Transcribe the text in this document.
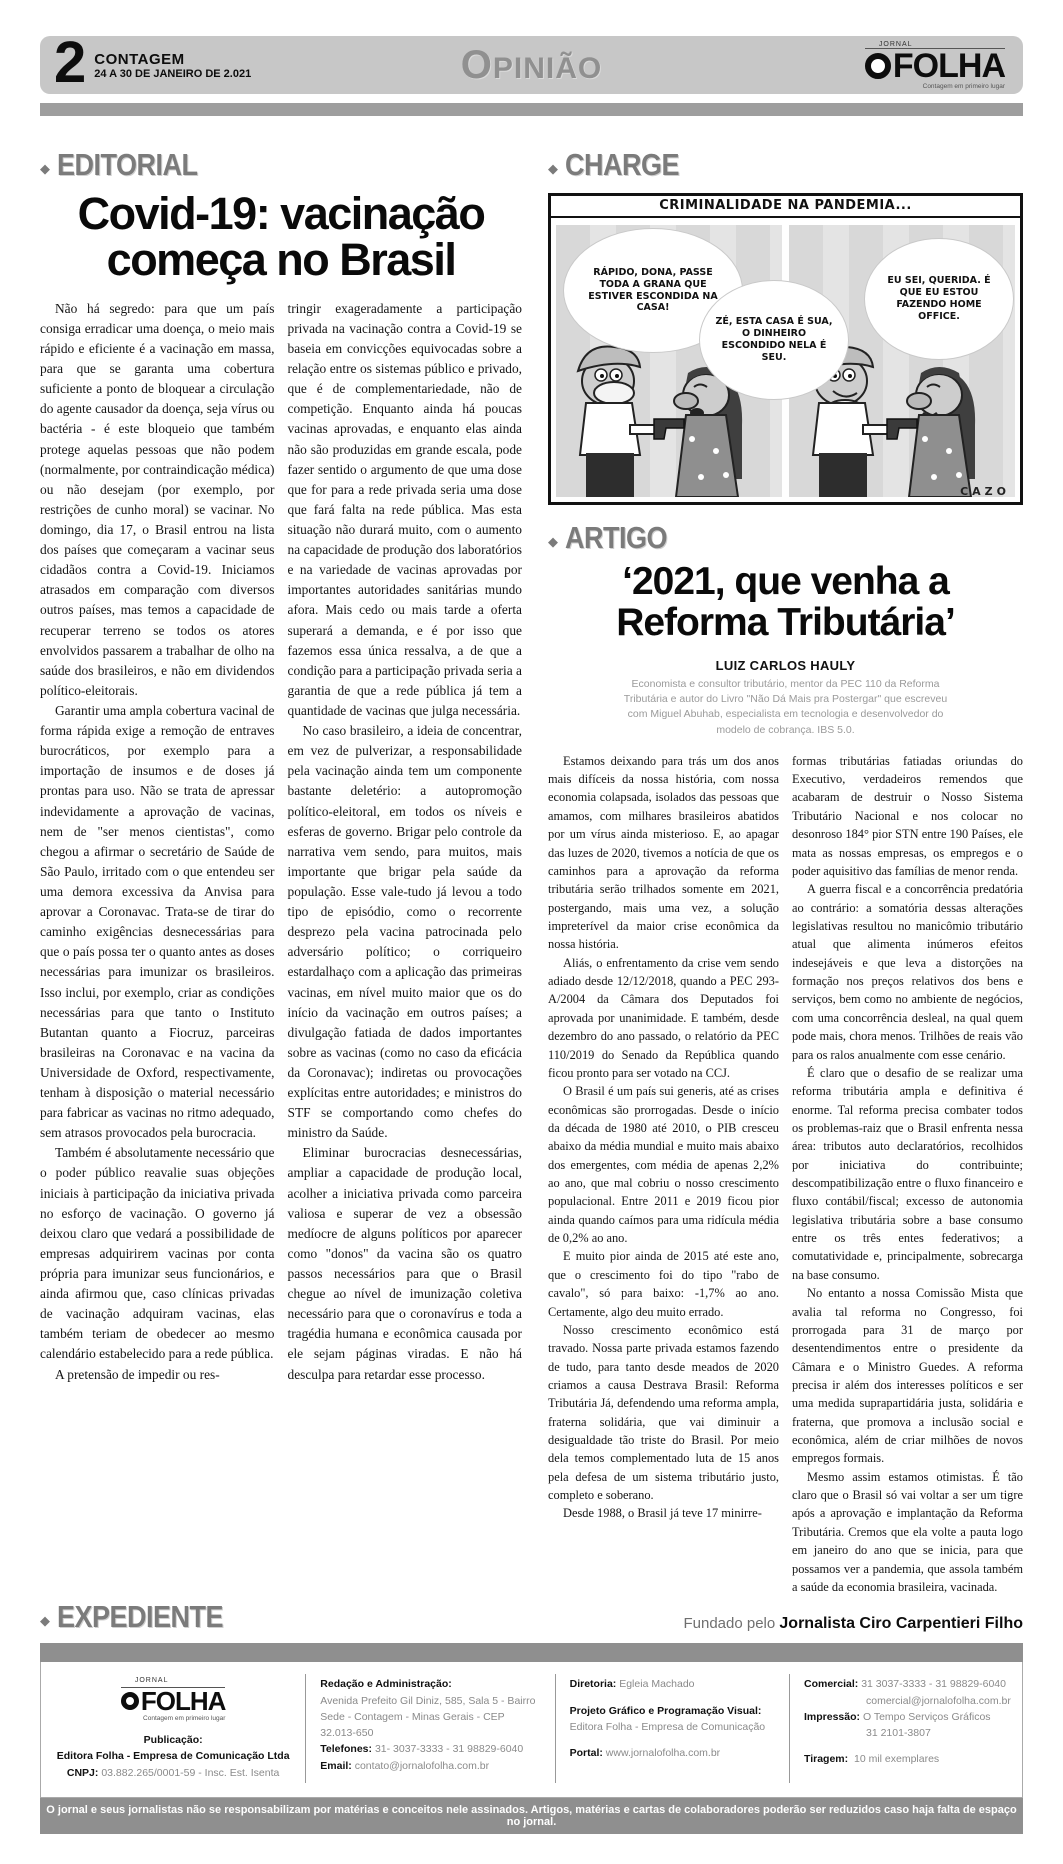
2 CONTAGEM
24 A 30 DE JANEIRO DE 2.021	OPINIÃO
JORNAL
FOLHA
Contagem em primeiro lugar
◆ EDITORIAL
Covid-19: vacinação começa no Brasil

Não há segredo: para que um país consiga erradicar uma doença, o meio mais rápido e eficiente é a vacinação em massa, para que se garanta uma cobertura suficiente a ponto de bloquear a circulação do agente causador da doença, seja vírus ou bactéria - é este bloqueio que também protege aquelas pessoas que não podem (normalmente, por contraindicação médica) ou não desejam (por exemplo, por restrições de cunho moral) se vacinar. No domingo, dia 17, o Brasil entrou na lista dos países que começaram a vacinar seus cidadãos contra a Covid-19. Iniciamos atrasados em comparação com diversos outros países, mas temos a capacidade de recuperar terreno se todos os atores envolvidos passarem a trabalhar de olho na saúde dos brasileiros, e não em dividendos político-eleitorais.

Garantir uma ampla cobertura vacinal de forma rápida exige a remoção de entraves burocráticos, por exemplo para a importação de insumos e de doses já prontas para uso. Não se trata de apressar indevidamente a aprovação de vacinas, nem de "ser menos cientistas", como chegou a afirmar o secretário de Saúde de São Paulo, irritado com o que entendeu ser uma demora excessiva da Anvisa para aprovar a Coronavac. Trata-se de tirar do caminho exigências desnecessárias para que o país possa ter o quanto antes as doses necessárias para imunizar os brasileiros. Isso inclui, por exemplo, criar as condições necessárias para que tanto o Instituto Butantan quanto a Fiocruz, parceiras brasileiras na Coronavac e na vacina da Universidade de Oxford, respectivamente, tenham à disposição o material necessário para fabricar as vacinas no ritmo adequado, sem atrasos provocados pela burocracia.

Também é absolutamente necessário que o poder público reavalie suas objeções iniciais à participação da iniciativa privada no esforço de vacinação. O governo já deixou claro que vedará a possibilidade de empresas adquirirem vacinas por conta própria para imunizar seus funcionários, e ainda afirmou que, caso clínicas privadas de vacinação adquiram vacinas, elas também teriam de obedecer ao mesmo calendário estabelecido para a rede pública.

A pretensão de impedir ou res-

tringir exageradamente a participação privada na vacinação contra a Covid-19 se baseia em convicções equivocadas sobre a relação entre os sistemas público e privado, que é de complementariedade, não de competição. Enquanto ainda há poucas vacinas aprovadas, e enquanto elas ainda não são produzidas em grande escala, pode fazer sentido o argumento de que uma dose que for para a rede privada seria uma dose que fará falta na rede pública. Mas esta situação não durará muito, com o aumento na capacidade de produção dos laboratórios e na variedade de vacinas aprovadas por importantes autoridades sanitárias mundo afora. Mais cedo ou mais tarde a oferta superará a demanda, e é por isso que fazemos essa única ressalva, a de que a condição para a participação privada seria a garantia de que a rede pública já tem a quantidade de vacinas que julga necessária.

No caso brasileiro, a ideia de concentrar, em vez de pulverizar, a responsabilidade pela vacinação ainda tem um componente bastante deletério: a autopromoção político-eleitoral, em todos os níveis e esferas de governo. Brigar pelo controle da narrativa vem sendo, para muitos, mais importante que brigar pela saúde da população. Esse vale-tudo já levou a todo tipo de episódio, como o recorrente desprezo pela vacina patrocinada pelo adversário político; o corriqueiro estardalhaço com a aplicação das primeiras vacinas, em nível muito maior que os do início da vacinação em outros países; a divulgação fatiada de dados importantes sobre as vacinas (como no caso da eficácia da Coronavac); indiretas ou provocações explícitas entre autoridades; e ministros do STF se comportando como chefes do ministro da Saúde.

Eliminar burocracias desnecessárias, ampliar a capacidade de produção local, acolher a iniciativa privada como parceira valiosa e superar de vez a obsessão medíocre de alguns políticos por aparecer como "donos" da vacina são os quatro passos necessários para que o Brasil chegue ao nível de imunização coletiva necessário para que o coronavírus e toda a tragédia humana e econômica causada por ele sejam páginas viradas. E não há desculpa para retardar esse processo.

◆ CHARGE
CRIMINALIDADE NA PANDEMIA...
RÁPIDO, DONA, PASSE TODA A GRANA QUE ESTIVER ESCONDIDA NA CASA!
ZÉ, ESTA CASA É SUA, O DINHEIRO ESCONDIDO NELA É SEU.
EU SEI, QUERIDA. É QUE EU ESTOU FAZENDO HOME OFFICE.
CAZO
◆ ARTIGO
‘2021, que venha a Reforma Tributária’
LUIZ CARLOS HAULY
Economista e consultor tributário, mentor da PEC 110 da Reforma Tributária e autor do Livro "Não Dá Mais pra Postergar" que escreveu com Miguel Abuhab, especialista em tecnologia e desenvolvedor do modelo de cobrança. IBS 5.0.

Estamos deixando para trás um dos anos mais difíceis da nossa história, com nossa economia colapsada, isolados das pessoas que amamos, com milhares brasileiros abatidos por um vírus ainda misterioso. E, ao apagar das luzes de 2020, tivemos a notícia de que os caminhos para a aprovação da reforma tributária serão trilhados somente em 2021, postergando, mais uma vez, a solução impreterível da maior crise econômica da nossa história.

Aliás, o enfrentamento da crise vem sendo adiado desde 12/12/2018, quando a PEC 293-A/2004 da Câmara dos Deputados foi aprovada por unanimidade. E também, desde dezembro do ano passado, o relatório da PEC 110/2019 do Senado da República quando ficou pronto para ser votado na CCJ.

O Brasil é um país sui generis, até as crises econômicas são prorrogadas. Desde o início da década de 1980 até 2010, o PIB cresceu abaixo da média mundial e muito mais abaixo dos emergentes, com média de apenas 2,2% ao ano, que mal cobriu o nosso crescimento populacional. Entre 2011 e 2019 ficou pior ainda quando caímos para uma ridícula média de 0,2% ao ano.

E muito pior ainda de 2015 até este ano, que o crescimento foi do tipo "rabo de cavalo", só para baixo: -1,7% ao ano. Certamente, algo deu muito errado.

Nosso crescimento econômico está travado. Nossa parte privada estamos fazendo de tudo, para tanto desde meados de 2020 criamos a causa Destrava Brasil: Reforma Tributária Já, defendendo uma reforma ampla, fraterna solidária, que vai diminuir a desigualdade tão triste do Brasil. Por meio dela temos complementado luta de 15 anos pela defesa de um sistema tributário justo, completo e soberano.

Desde 1988, o Brasil já teve 17 minirre-

formas tributárias fatiadas oriundas do Executivo, verdadeiros remendos que acabaram de destruir o Nosso Sistema Tributário Nacional e nos colocar no desonroso 184° pior STN entre 190 Países, ele mata as nossas empresas, os empregos e o poder aquisitivo das famílias de menor renda.

A guerra fiscal e a concorrência predatória ao contrário: a somatória dessas alterações legislativas resultou no manicômio tributário atual que alimenta inúmeros efeitos indesejáveis e que leva a distorções na formação nos preços relativos dos bens e serviços, bem como no ambiente de negócios, com uma concorrência desleal, na qual quem pode mais, chora menos. Trilhões de reais vão para os ralos anualmente com esse cenário.

É claro que o desafio de se realizar uma reforma tributária ampla e definitiva é enorme. Tal reforma precisa combater todos os problemas-raiz que o Brasil enfrenta nessa área: tributos auto declaratórios, recolhidos por iniciativa do contribuinte; descompatibilização entre o fluxo financeiro e fluxo contábil/fiscal; excesso de autonomia legislativa tributária sobre a base consumo entre os três entes federativos; a comutatividade e, principalmente, sobrecarga na base consumo.

No entanto a nossa Comissão Mista que avalia tal reforma no Congresso, foi prorrogada para 31 de março por desentendimentos entre o presidente da Câmara e o Ministro Guedes. A reforma precisa ir além dos interesses políticos e ser uma medida suprapartidária justa, solidária e fraterna, que promova a inclusão social e econômica, além de criar milhões de novos empregos formais.

Mesmo assim estamos otimistas. É tão claro que o Brasil só vai voltar a ser um tigre após a aprovação e implantação da Reforma Tributária. Cremos que ela volte a pauta logo em janeiro do ano que se inicia, para que possamos ver a pandemia, que assola também a saúde da economia brasileira, vacinada.

◆ EXPEDIENTE	Fundado pelo Jornalista Ciro Carpentieri Filho
JORNAL
FOLHA
Contagem em primeiro lugar
Publicação:
Editora Folha - Empresa de Comunicação Ltda
CNPJ: 03.882.265/0001-59 - Insc. Est. Isenta
Redação e Administração:
Avenida Prefeito Gil Diniz, 585, Sala 5 - Bairro Sede - Contagem - Minas Gerais - CEP 32.013-650
Telefones: 31- 3037-3333 - 31 98829-6040
Email: contato@jornalofolha.com.br
Diretoria: Egleia Machado
Projeto Gráfico e Programação Visual:
Editora Folha - Empresa de Comunicação
Portal: www.jornalofolha.com.br
Comercial: 31 3037-3333 - 31 98829-6040
comercial@jornalofolha.com.br
Impressão: O Tempo Serviços Gráficos
31 2101-3807
Tiragem: 10 mil exemplares
O jornal e seus jornalistas não se responsabilizam por matérias e conceitos nele assinados. Artigos, matérias e cartas de colaboradores poderão ser reduzidos caso haja falta de espaço no jornal.
